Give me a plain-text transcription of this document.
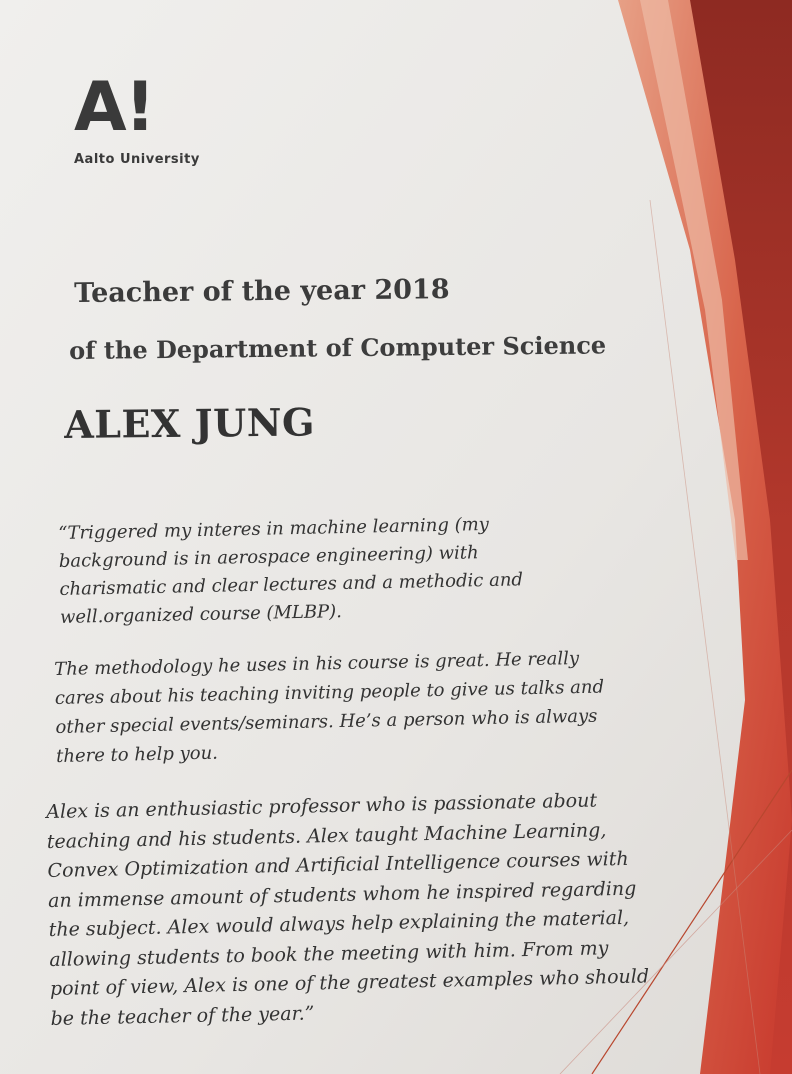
A!
Aalto University
Teacher of the year 2018
of the Department of Computer Science
ALEX JUNG

“Triggered my interes in machine learning (my background is in aerospace engineering) with charismatic and clear lectures and a methodic and well.organized course (MLBP).

The methodology he uses in his course is great. He really cares about his teaching inviting people to give us talks and other special events/seminars. He’s a person who is always there to help you.

Alex is an enthusiastic professor who is passionate about teaching and his students. Alex taught Machine Learning, Convex Optimization and Artificial Intelligence courses with an immense amount of students whom he inspired regarding the subject. Alex would always help explaining the material, allowing students to book the meeting with him. From my point of view, Alex is one of the greatest examples who should be the teacher of the year.”
